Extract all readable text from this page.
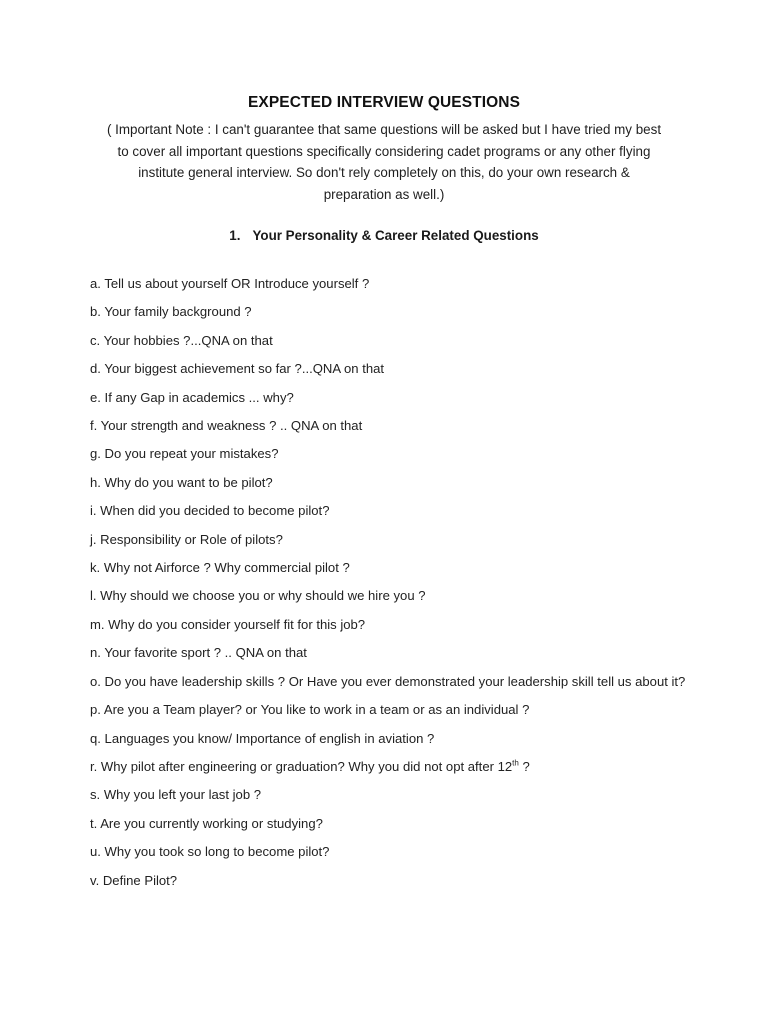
EXPECTED INTERVIEW QUESTIONS
( Important Note : I can't guarantee that same questions will be asked but I have tried my best
to cover all important questions specifically considering cadet programs or any other flying
institute general interview. So don't rely completely on this, do your own research &
preparation as well.)
1. Your Personality & Career Related Questions
a. Tell us about yourself OR Introduce yourself ?
b. Your family background ?
c. Your hobbies ?...QNA on that
d. Your biggest achievement so far ?...QNA on that
e. If any Gap in academics ... why?
f. Your strength and weakness ? .. QNA on that
g. Do you repeat your mistakes?
h. Why do you want to be pilot?
i. When did you decided to become pilot?
j. Responsibility or Role of pilots?
k. Why not Airforce ? Why commercial pilot ?
l. Why should we choose you or why should we hire you ?
m. Why do you consider yourself fit for this job?
n. Your favorite sport ? .. QNA on that
o. Do you have leadership skills ? Or Have you ever demonstrated your leadership skill tell us about it?
p. Are you a Team player? or You like to work in a team or as an individual ?
q. Languages you know/ Importance of english in aviation ?
r. Why pilot after engineering or graduation? Why you did not opt after 12th ?
s. Why you left your last job ?
t. Are you currently working or studying?
u. Why you took so long to become pilot?
v. Define Pilot?
